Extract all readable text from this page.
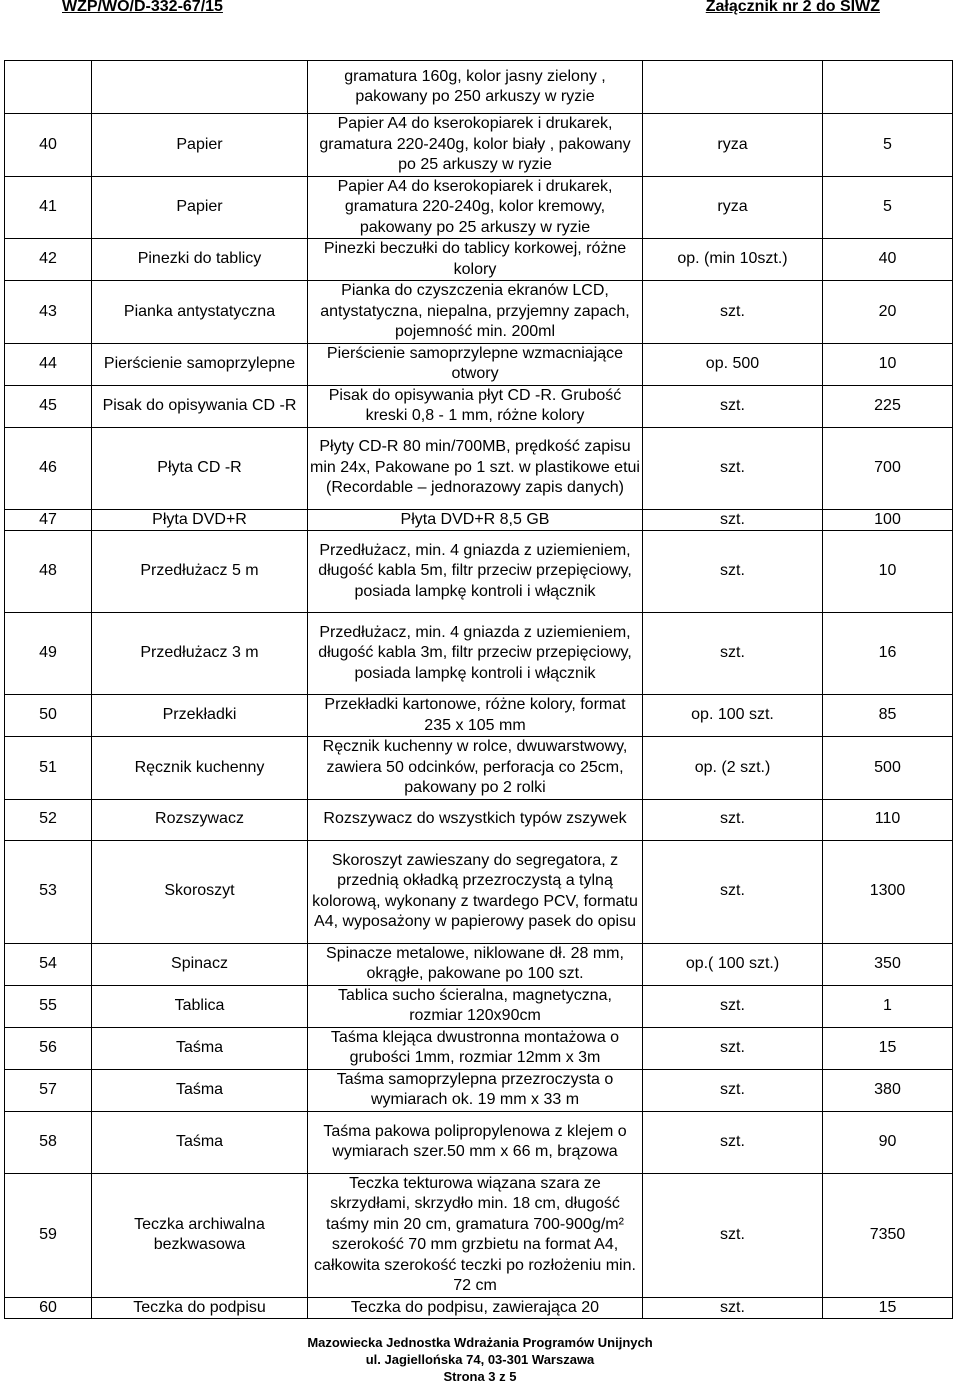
WZP/WO/D-332-67/15	Załącznik nr 2 do SIWZ
		gramatura 160g, kolor jasny zielony , pakowany po 250 arkuszy w ryzie		
40	Papier	Papier A4 do kserokopiarek i drukarek, gramatura 220-240g, kolor biały , pakowany po 25 arkuszy w ryzie	ryza	5
41	Papier	Papier A4 do kserokopiarek i drukarek, gramatura 220-240g, kolor kremowy, pakowany po 25 arkuszy w ryzie	ryza	5
42	Pinezki do tablicy	Pinezki beczułki do tablicy korkowej, różne kolory	op. (min 10szt.)	40
43	Pianka antystatyczna	Pianka do czyszczenia ekranów LCD, antystatyczna, niepalna, przyjemny zapach, pojemność min. 200ml	szt.	20
44	Pierścienie samoprzylepne	Pierścienie samoprzylepne wzmacniające otwory	op. 500	10
45	Pisak do opisywania CD -R	Pisak do opisywania płyt CD -R. Grubość kreski 0,8 - 1 mm, różne kolory	szt.	225
46	Płyta CD -R	Płyty CD-R 80 min/700MB, prędkość zapisu min 24x, Pakowane po 1 szt. w plastikowe etui (Recordable – jednorazowy zapis danych)	szt.	700
47	Płyta DVD+R	Płyta DVD+R 8,5 GB	szt.	100
48	Przedłużacz 5 m	Przedłużacz, min. 4 gniazda z uziemieniem, długość kabla 5m, filtr przeciw przepięciowy, posiada lampkę kontroli i włącznik	szt.	10
49	Przedłużacz 3 m	Przedłużacz, min. 4 gniazda z uziemieniem, długość kabla 3m, filtr przeciw przepięciowy, posiada lampkę kontroli i włącznik	szt.	16
50	Przekładki	Przekładki kartonowe, różne kolory, format 235 x 105 mm	op. 100 szt.	85
51	Ręcznik kuchenny	Ręcznik kuchenny w rolce, dwuwarstwowy, zawiera 50 odcinków, perforacja co 25cm, pakowany po 2 rolki	op. (2 szt.)	500
52	Rozszywacz	Rozszywacz do wszystkich typów zszywek	szt.	110
53	Skoroszyt	Skoroszyt zawieszany do segregatora, z przednią okładką przezroczystą a tylną kolorową, wykonany z twardego PCV, formatu A4, wyposażony w papierowy pasek do opisu	szt.	1300
54	Spinacz	Spinacze metalowe, niklowane dł. 28 mm, okrągłe, pakowane po 100 szt.	op.( 100 szt.)	350
55	Tablica	Tablica sucho ścieralna, magnetyczna, rozmiar 120x90cm	szt.	1
56	Taśma	Taśma klejąca dwustronna montażowa o grubości 1mm, rozmiar 12mm x 3m	szt.	15
57	Taśma	Taśma samoprzylepna przezroczysta o wymiarach ok. 19 mm x 33 m	szt.	380
58	Taśma	Taśma pakowa polipropylenowa z klejem o wymiarach szer.50 mm x 66 m, brązowa	szt.	90
59	Teczka archiwalna bezkwasowa	Teczka tekturowa wiązana szara ze skrzydłami, skrzydło min. 18 cm, długość taśmy min 20 cm, gramatura 700-900g/m² szerokość 70 mm grzbietu na format A4, całkowita szerokość teczki po rozłożeniu min. 72 cm	szt.	7350
60	Teczka do podpisu	Teczka do podpisu, zawierająca 20	szt.	15
Mazowiecka Jednostka Wdrażania Programów Unijnych
ul. Jagiellońska 74, 03-301 Warszawa
Strona 3 z 5
